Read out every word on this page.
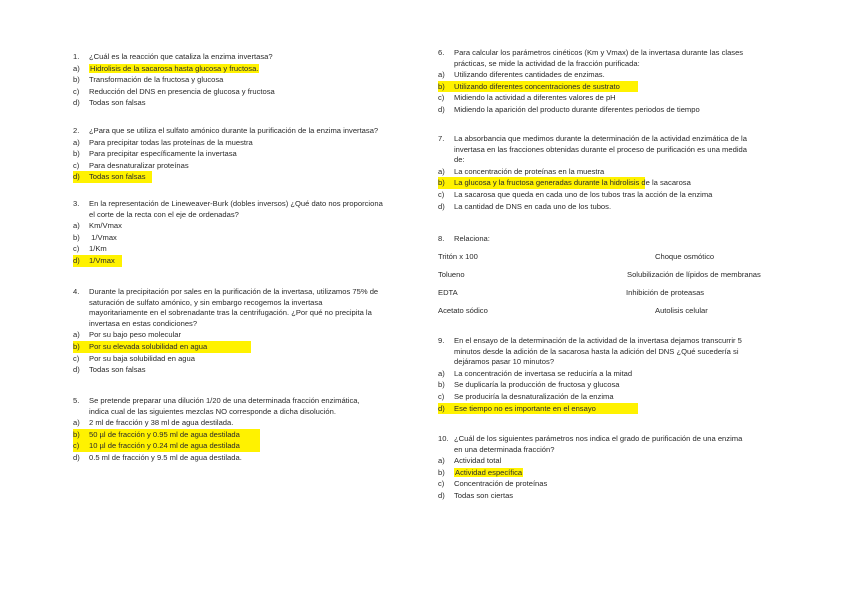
1. ¿Cuál es la reacción que cataliza la enzima invertasa?
a) Hidrolisis de la sacarosa hasta glucosa y fructosa.
b) Transformación de la fructosa y glucosa
c) Reducción del DNS en presencia de glucosa y fructosa
d) Todas son falsas
2. ¿Para que se utiliza el sulfato amónico durante la purificación de la enzima invertasa?
a) Para precipitar todas las proteínas de la muestra
b) Para precipitar específicamente la invertasa
c) Para desnaturalizar proteínas
d) Todas son falsas
3. En la representación de Lineweaver-Burk (dobles inversos) ¿Qué dato nos proporciona
el corte de la recta con el eje de ordenadas?
a) Km/Vmax
b) 1/Vmax
c) 1/Km
d) 1/Vmax
4. Durante la precipitación por sales en la purificación de la invertasa, utilizamos 75% de
saturación de sulfato amónico, y sin embargo recogemos la invertasa
mayoritariamente en el sobrenadante tras la centrifugación. ¿Por qué no precipita la
invertasa en estas condiciones?
a) Por su bajo peso molecular
b) Por su elevada solubilidad en agua
c) Por su baja solubilidad en agua
d) Todas son falsas
5. Se pretende preparar una dilución 1/20 de una determinada fracción enzimática,
indica cual de las siguientes mezclas NO corresponde a dicha disolución.
a) 2 ml de fracción y 38 ml de agua destilada.
b) 50 µl de fracción y 0.95 ml de agua destilada
c) 10 µl de fracción y 0.24 ml de agua destilada
d) 0.5 ml de fracción y 9.5 ml de agua destilada.
6. Para calcular los parámetros cinéticos (Km y Vmax) de la invertasa durante las clases
prácticas, se mide la actividad de la fracción purificada:
a) Utilizando diferentes cantidades de enzimas.
b) Utilizando diferentes concentraciones de sustrato
c) Midiendo la actividad a diferentes valores de pH
d) Midiendo la aparición del producto durante diferentes periodos de tiempo
7. La absorbancia que medimos durante la determinación de la actividad enzimática de la
invertasa en las fracciones obtenidas durante el proceso de purificación es una medida
de:
a) La concentración de proteínas en la muestra
b) La glucosa y la fructosa generadas durante la hidrolisis de la sacarosa
c) La sacarosa que queda en cada uno de los tubos tras la acción de la enzima
d) La cantidad de DNS en cada uno de los tubos.
9. En el ensayo de la determinación de la actividad de la invertasa dejamos transcurrir 5
minutos desde la adición de la sacarosa hasta la adición del DNS ¿Qué sucedería si
dejáramos pasar 10 minutos?
a) La concentración de invertasa se reduciría a la mitad
b) Se duplicaría la producción de fructosa y glucosa
c) Se produciría la desnaturalización de la enzima
d) Ese tiempo no es importante en el ensayo
10. ¿Cuál de los siguientes parámetros nos indica el grado de purificación de una enzima
en una determinada fracción?
a) Actividad total
b) Actividad específica
c) Concentración de proteínas
d) Todas son ciertas
8. Relaciona:
Tritón x 100	Choque osmótico
Tolueno	Solubilización de lípidos de membranas
EDTA	Inhibición de proteasas
Acetato sódico	Autolisis celular
